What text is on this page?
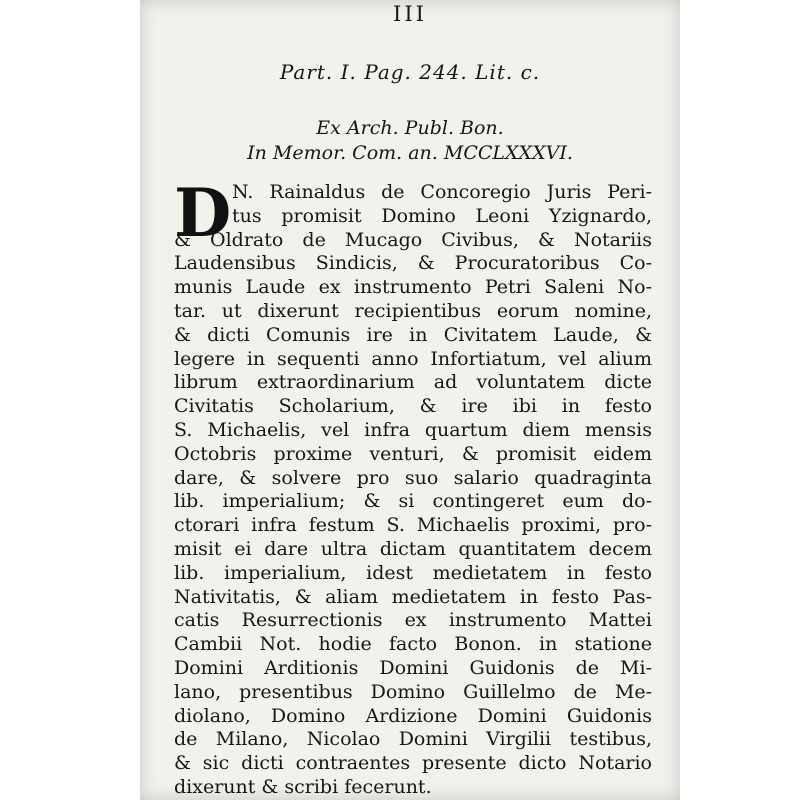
III
Part. I. Pag. 244. Lit. c.
Ex Arch. Publ. Bon.
In Memor. Com. an. MCCLXXXVI.
D N. Rainaldus de Concoregio Juris Peri-
tus promisit Domino Leoni Yzignardo,
& Oldrato de Mucago Civibus, & Notariis
Laudensibus Sindicis, & Procuratoribus Co-
munis Laude ex instrumento Petri Saleni No-
tar. ut dixerunt recipientibus eorum nomine,
& dicti Comunis ire in Civitatem Laude, &
legere in sequenti anno Infortiatum, vel alium
librum extraordinarium ad voluntatem dicte
Civitatis Scholarium, & ire ibi in festo
S. Michaelis, vel infra quartum diem mensis
Octobris proxime venturi, & promisit eidem
dare, & solvere pro suo salario quadraginta
lib. imperialium; & si contingeret eum do-
ctorari infra festum S. Michaelis proximi, pro-
misit ei dare ultra dictam quantitatem decem
lib. imperialium, idest medietatem in festo
Nativitatis, & aliam medietatem in festo Pas-
catis Resurrectionis ex instrumento Mattei
Cambii Not. hodie facto Bonon. in statione
Domini Arditionis Domini Guidonis de Mi-
lano, presentibus Domino Guillelmo de Me-
diolano, Domino Ardizione Domini Guidonis
de Milano, Nicolao Domini Virgilii testibus,
& sic dicti contraentes presente dicto Notario
dixerunt & scribi fecerunt.
